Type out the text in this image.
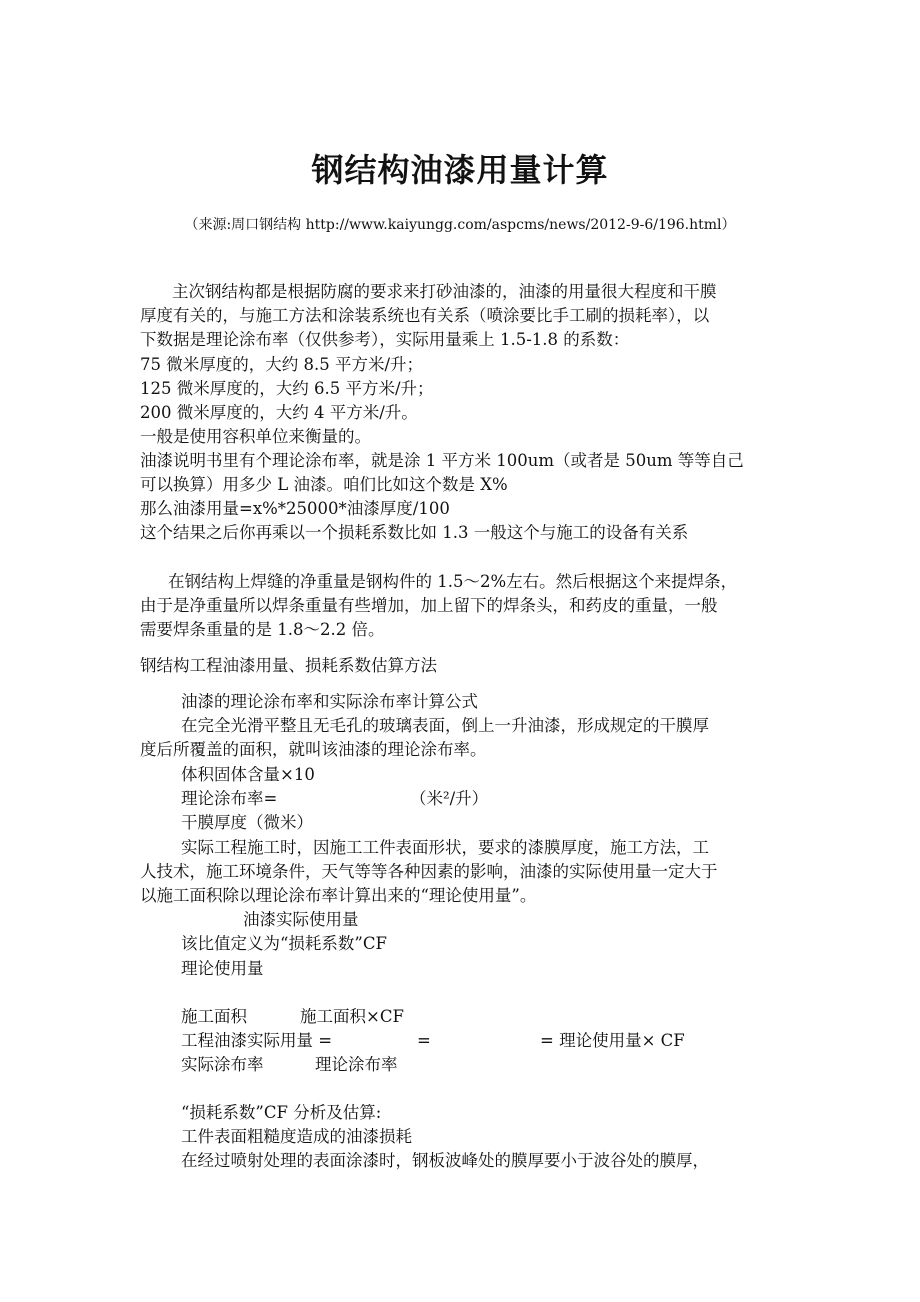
钢结构油漆用量计算
（来源:周口钢结构 http://www.kaiyungg.com/aspcms/news/2012-9-6/196.html）
主次钢结构都是根据防腐的要求来打砂油漆的，油漆的用量很大程度和干膜
厚度有关的，与施工方法和涂装系统也有关系（喷涂要比手工刷的损耗率），以
下数据是理论涂布率（仅供参考），实际用量乘上 1.5-1.8 的系数：
75 微米厚度的，大约 8.5 平方米/升；
125 微米厚度的，大约 6.5 平方米/升；
200 微米厚度的，大约 4 平方米/升。
一般是使用容积单位来衡量的。
油漆说明书里有个理论涂布率，就是涂 1 平方米 100um（或者是 50um 等等自己
可以换算）用多少 L 油漆。咱们比如这个数是 X%
那么油漆用量=x%*25000*油漆厚度/100
这个结果之后你再乘以一个损耗系数比如 1.3 一般这个与施工的设备有关系
在钢结构上焊缝的净重量是钢构件的 1.5～2%左右。然后根据这个来提焊条，
由于是净重量所以焊条重量有些增加，加上留下的焊条头，和药皮的重量，一般
需要焊条重量的是 1.8～2.2 倍。
钢结构工程油漆用量、损耗系数估算方法
油漆的理论涂布率和实际涂布率计算公式
在完全光滑平整且无毛孔的玻璃表面，倒上一升油漆，形成规定的干膜厚
度后所覆盖的面积，就叫该油漆的理论涂布率。
体积固体含量×10
理论涂布率=	（米²/升）
干膜厚度（微米）
实际工程施工时，因施工工件表面形状，要求的漆膜厚度，施工方法，工
人技术，施工环境条件，天气等等各种因素的影响，油漆的实际使用量一定大于
以施工面积除以理论涂布率计算出来的“理论使用量”。
油漆实际使用量
该比值定义为“损耗系数”CF
理论使用量
施工面积	施工面积×CF
工程油漆实际用量 =	=	= 理论使用量× CF
实际涂布率	理论涂布率
“损耗系数”CF 分析及估算:
工件表面粗糙度造成的油漆损耗
在经过喷射处理的表面涂漆时，钢板波峰处的膜厚要小于波谷处的膜厚，
